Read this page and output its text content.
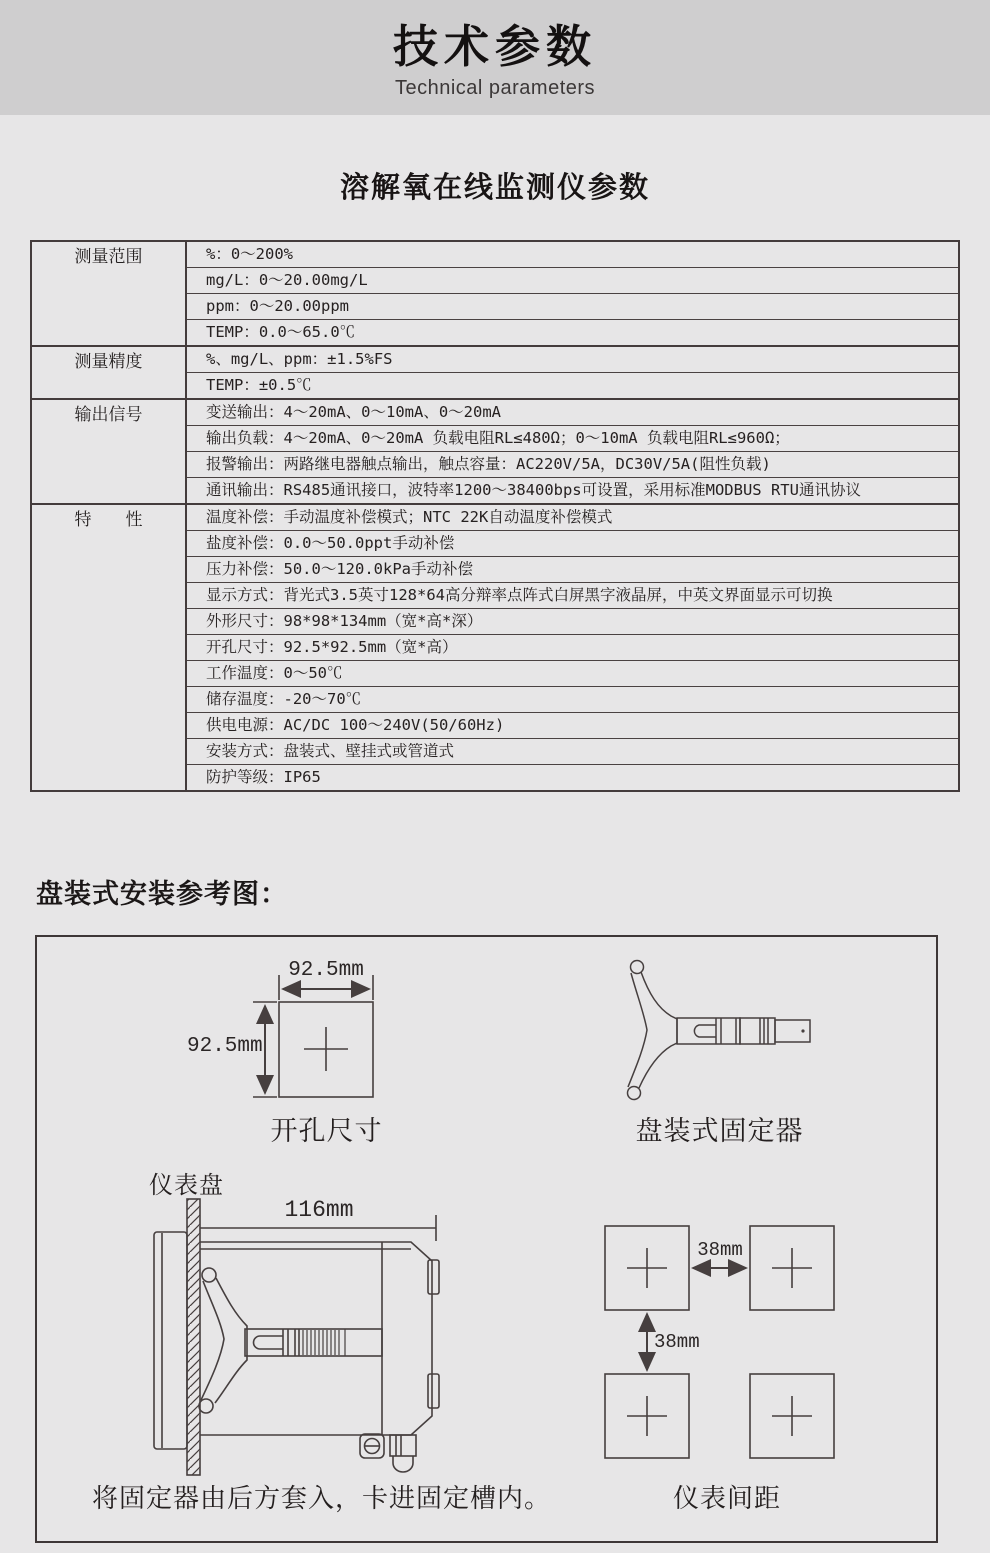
技术参数
Technical parameters
溶解氧在线监测仪参数
测量范围	%：0～200%
mg/L：0～20.00mg/L
ppm：0～20.00ppm
TEMP：0.0～65.0℃
测量精度	%、mg/L、ppm：±1.5%FS
TEMP：±0.5℃
输出信号	变送输出：4～20mA、0～10mA、0～20mA
输出负载：4～20mA、0～20mA 负载电阻RL≤480Ω；0～10mA 负载电阻RL≤960Ω；
报警输出：两路继电器触点输出，触点容量：AC220V/5A，DC30V/5A(阻性负载)
通讯输出：RS485通讯接口，波特率1200～38400bps可设置，采用标准MODBUS RTU通讯协议
特　　性	温度补偿：手动温度补偿模式；NTC 22K自动温度补偿模式
盐度补偿：0.0～50.0ppt手动补偿
压力补偿：50.0～120.0kPa手动补偿
显示方式：背光式3.5英寸128*64高分辩率点阵式白屏黑字液晶屏，中英文界面显示可切换
外形尺寸：98*98*134mm（宽*高*深）
开孔尺寸：92.5*92.5mm（宽*高）
工作温度：0～50℃
储存温度：-20～70℃
供电电源：AC/DC 100～240V(50/60Hz)
安装方式：盘装式、壁挂式或管道式
防护等级：IP65
盘装式安装参考图：
92.5mm
92.5mm
开孔尺寸	盘装式固定器
仪表盘
116mm
将固定器由后方套入，卡进固定槽内。
38mm
38mm
仪表间距
